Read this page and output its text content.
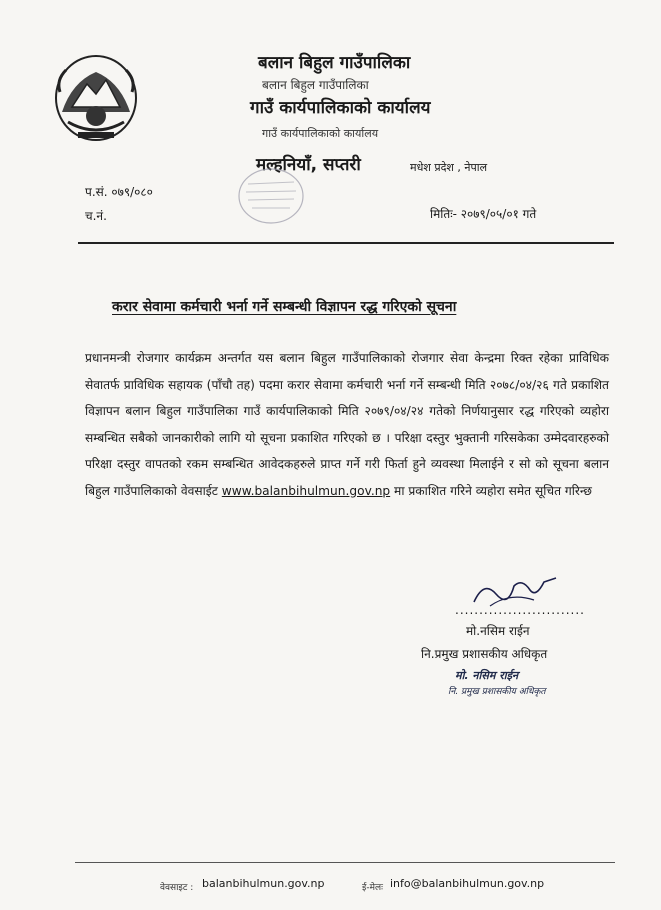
बलान बिहुल गाउँपालिका
बलान बिहुल गाउँपालिका
गाउँ कार्यपालिकाको कार्यालय
गाउँ कार्यपालिकाको कार्यालय
मल्हनियाँ, सप्तरी	मधेश प्रदेश , नेपाल
प.सं. ०७९/०८०
च.नं.	मितिः- २०७९/०५/०१ गते
करार सेवामा कर्मचारी भर्ना गर्ने सम्बन्धी विज्ञापन रद्ध गरिएको सूचना
प्रधानमन्त्री रोजगार कार्यक्रम अन्तर्गत यस बलान बिहुल गाउँपालिकाको रोजगार सेवा केन्द्रमा रिक्त रहेका प्राविधिक सेवातर्फ प्राविधिक सहायक (पाँचौ तह) पदमा करार सेवामा कर्मचारी भर्ना गर्ने सम्बन्धी मिति २०७८/०४/२६ गते प्रकाशित विज्ञापन बलान बिहुल गाउँपालिका गाउँ कार्यपालिकाको मिति २०७९/०४/२४ गतेको निर्णयानुसार रद्ध गरिएको व्यहोरा सम्बन्धित सबैको जानकारीको लागि यो सूचना प्रकाशित गरिएको छ । परिक्षा दस्तुर भुक्तानी गरिसकेका उम्मेदवारहरुको परिक्षा दस्तुर वापतको रकम सम्बन्धित आवेदकहरुले प्राप्त गर्ने गरी फिर्ता हुने व्यवस्था मिलाईने र सो को सूचना बलान बिहुल गाउँपालिकाको वेवसाईट www.balanbihulmun.gov.np मा प्रकाशित गरिने व्यहोरा समेत सूचित गरिन्छ
...........................
मो.नसिम राईन
नि.प्रमुख प्रशासकीय अधिकृत
मो. नसिम राईन
नि. प्रमुख प्रशासकीय अधिकृत
वेवसाइट : balanbihulmun.gov.np	ई-मेलः info@balanbihulmun.gov.np
